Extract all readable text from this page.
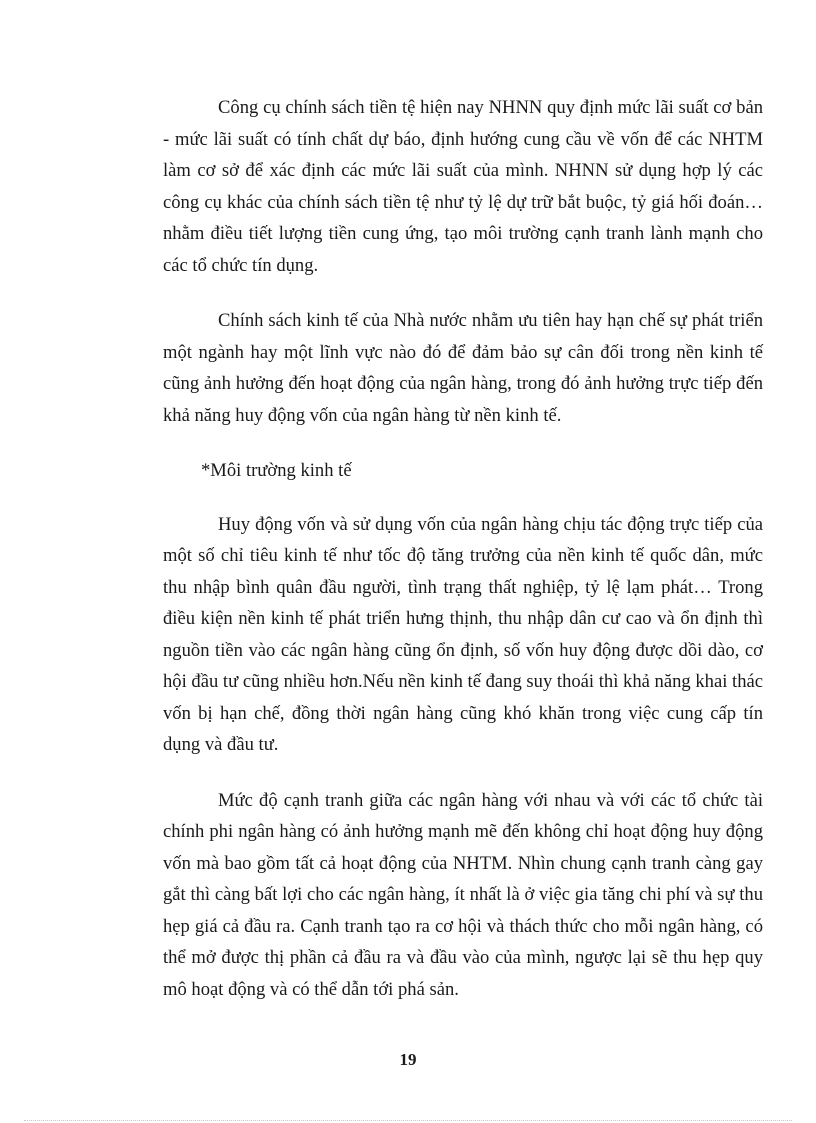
Công cụ chính sách tiền tệ hiện nay NHNN quy định mức lãi suất cơ bản - mức lãi suất có tính chất dự báo, định hướng cung cầu về vốn để các NHTM làm cơ sở để xác định các mức lãi suất của mình. NHNN sử dụng hợp lý các công cụ khác của chính sách tiền tệ như tỷ lệ dự trữ bắt buộc, tỷ giá hối đoán…nhằm điều tiết lượng tiền cung ứng, tạo môi trường cạnh tranh lành mạnh cho các tổ chức tín dụng.

Chính sách kinh tế của Nhà nước nhằm ưu tiên hay hạn chế sự phát triển một ngành hay một lĩnh vực nào đó để đảm bảo sự cân đối trong nền kinh tế cũng ảnh hưởng đến hoạt động của ngân hàng, trong đó ảnh hưởng trực tiếp đến khả năng huy động vốn của ngân hàng từ nền kinh tế.

*Môi trường kinh tế

Huy động vốn và sử dụng vốn của ngân hàng chịu tác động trực tiếp của một số chỉ tiêu kinh tế như tốc độ tăng trưởng của nền kinh tế quốc dân, mức thu nhập bình quân đầu người, tình trạng thất nghiệp, tỷ lệ lạm phát… Trong điều kiện nền kinh tế phát triển hưng thịnh, thu nhập dân cư cao và ổn định thì nguồn tiền vào các ngân hàng cũng ổn định, số vốn huy động được dồi dào, cơ hội đầu tư cũng nhiều hơn.Nếu nền kinh tế đang suy thoái thì khả năng khai thác vốn bị hạn chế, đồng thời ngân hàng cũng khó khăn trong việc cung cấp tín dụng và đầu tư.

Mức độ cạnh tranh giữa các ngân hàng với nhau và với các tổ chức tài chính phi ngân hàng có ảnh hưởng mạnh mẽ đến không chỉ hoạt động huy động vốn mà bao gồm tất cả hoạt động của NHTM. Nhìn chung cạnh tranh càng gay gắt thì càng bất lợi cho các ngân hàng, ít nhất là ở việc gia tăng chi phí và sự thu hẹp giá cả đầu ra. Cạnh tranh tạo ra cơ hội và thách thức cho mỗi ngân hàng, có thể mở được thị phần cả đầu ra và đầu vào của mình, ngược lại sẽ thu hẹp quy mô hoạt động và có thể dẫn tới phá sản.

19
